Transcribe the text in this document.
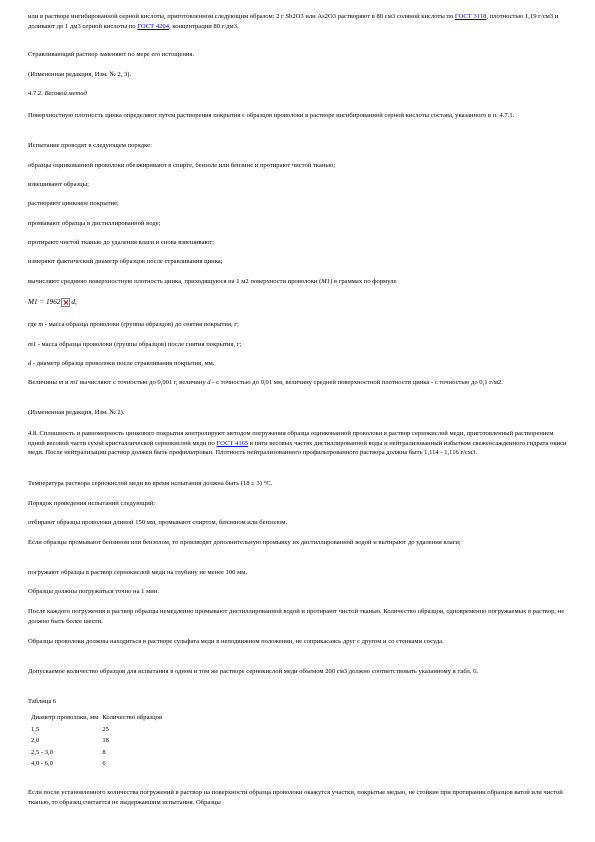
или в растворе ингибированной серной кислоты, приготовленном следующим образом: 2 г Sb2O3 или As2O3 растворяют в 80 см3 соляной кислоты по ГОСТ 3118, плотностью 1,19 г/см3 и доливают до 1 дм3 серной кислоты по ГОСТ 4204, концентрации 80 г/дм3.

Стравливающий раствор заменяют по мере его истощения.

(Измененная редакция, Изм. № 2, 3).

4.7.2. Весовой метод

Поверхностную плотность цинка определяют путем растворения покрытия с образцов проволоки в растворе ингибированной серной кислоты состава, указанного в п. 4.7.1.

Испытание проводят в следующем порядке:

образцы оцинкованной проволоки обезжиривают в спирте, бензоле или бензине и протирают чистой тканью;

взвешивают образцы;

растворяют цинковое покрытие;

промывают образцы в дистиллированной воде;

протирают чистой тканью до удаления влаги и снова взвешивают;

измеряют фактический диаметр образцов после стравливания цинка;

вычисляют среднюю поверхностную плотность цинка, приходящуюся на 1 м2 поверхности проволоки (M1) в граммах по формуле

M1 = 1962 d,

где m - масса образца проволоки (группы образцов) до снятия покрытия, г;

m1 - масса образца проволоки (группы образцов) после снятия покрытия, г;

d - диаметр образца проволоки после стравливания покрытия, мм.

Величины m и m1 вычисляют с точностью до 0,001 г, величину d - с точностью до 0,01 мм, величину средней поверхностной плотности цинка - с точностью до 0,1 г/м2.

(Измененная редакция, Изм. № 2).

4.8. Сплошность и равномерность цинкового покрытия контролируют методом погружения образца оцинкованной проволоки в раствор сернокислой меди, приготовленный растворением одной весовой части сухой кристаллической сернокислой меди по ГОСТ 4165 в пяти весовых частях дистиллированной воды и нейтрализованный избытком свежеосажденного гидрата окиси меди. После нейтрализации раствор должен быть профильтрован. Плотность нейтрализованного профильтрованного раствора должна быть 1,114 - 1,116 г/см3.

Температура раствора сернокислой меди во время испытания должна быть (18 ± 3) °С.

Порядок проведения испытаний следующий:

отбирают образцы проволоки длиной 150 мм, промывают спиртом, бензином или бензолом.

Если образцы промывают бензином или бензолом, то производят дополнительную промывку их дистиллированной водой и вытирают до удаления влаги;

погружают образцы в раствор сернокислой меди на глубину не менее 100 мм.

Образцы должны погружаться точно на 1 мин.

После каждого погружения в раствор образцы немедленно промывают дистиллированной водой и протирают чистой тканью. Количество образцов, одновременно погружаемых в раствор, не должно быть более шести.

Образцы проволоки должны находиться в растворе сульфата меди в неподвижном положении, не соприкасаясь друг с другом и со стенками сосуда.

Допускаемое количество образцов для испытания в одном и том же растворе сернокислой меди объемом 200 см3 должно соответствовать указанному в табл. 6.

Таблица 6

Диаметр проволоки, мм	Количество образцов
1,5	25
2,0	18
2,5 - 3,0	8
4,0 - 6,0	6

Если после установленного количества погружений в раствор на поверхности образца проволоки окажутся участки, покрытые медью, не стойкие при протирании образцов ватой или чистой тканью, то образец считается не выдержавшим испытания. Образцы
